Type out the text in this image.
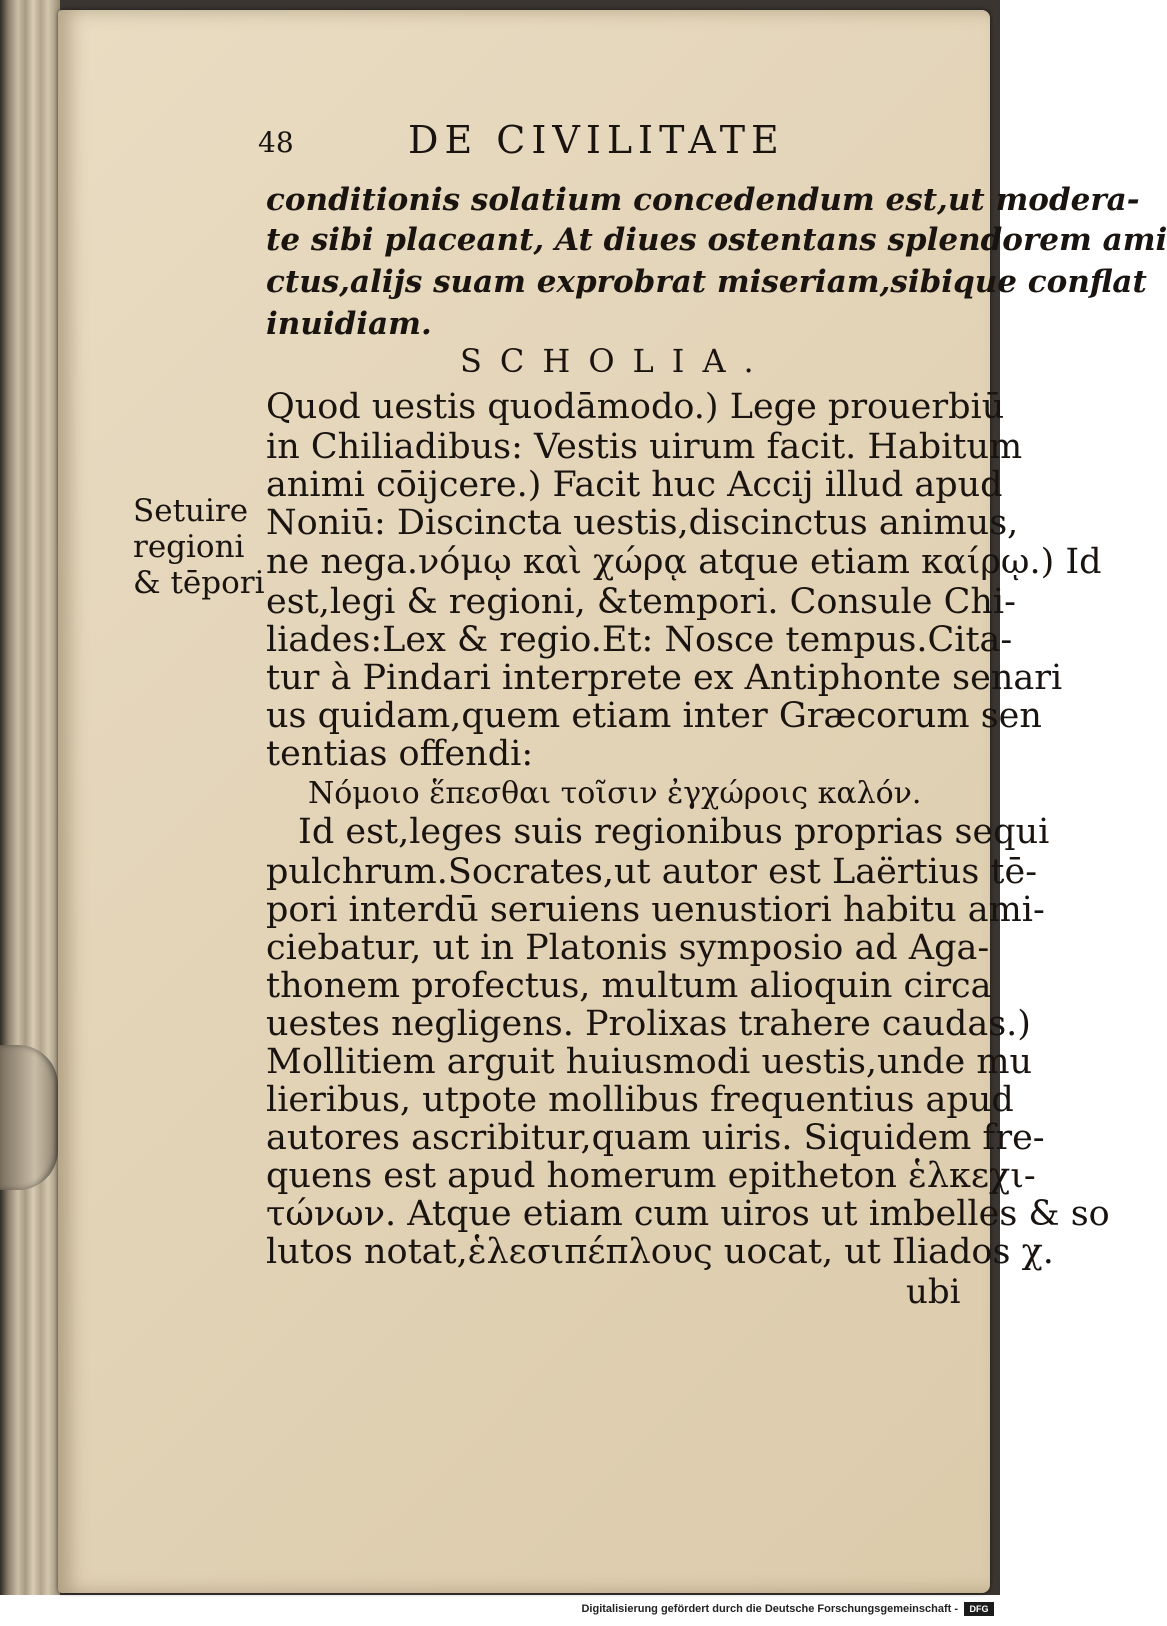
48	DE CIVILITATE
conditionis solatium concedendum est,ut modera-
te sibi placeant, At diues ostentans splendorem ami
ctus,alijs suam exprobrat miseriam,sibique conflat
inuidiam.
SCHOLIA.
Quod uestis quodāmodo.) Lege prouerbiū
in Chiliadibus: Vestis uirum facit. Habitum
animi cōijcere.) Facit huc Accij illud apud
Noniū: Discincta uestis,discinctus animus,
ne nega.νόμῳ καὶ χώρᾳ atque etiam καίρῳ.) Id
est,legi & regioni, &tempori. Consule Chi-
liades:Lex & regio.Et: Nosce tempus.Cita-
tur à Pindari interprete ex Antiphonte senari
us quidam,quem etiam inter Græcorum sen
tentias offendi:
Νόμοιο ἕπεσθαι τοῖσιν ἐγχώροις καλόν.
Id est,leges suis regionibus proprias sequi
pulchrum.Socrates,ut autor est Laërtius tē-
pori interdū seruiens uenustiori habitu ami-
ciebatur, ut in Platonis symposio ad Aga-
thonem profectus, multum alioquin circa
uestes negligens. Prolixas trahere caudas.)
Mollitiem arguit huiusmodi uestis,unde mu
lieribus, utpote mollibus frequentius apud
autores ascribitur,quam uiris. Siquidem fre-
quens est apud homerum epitheton ἑλκεχι-
τώνων. Atque etiam cum uiros ut imbelles & so
lutos notat,ἑλεσιπέπλους uocat, ut Iliados χ.
Setuire
regioni
& tēpori
ubi
Digitalisierung gefördert durch die Deutsche Forschungsgemeinschaft -	DFG
